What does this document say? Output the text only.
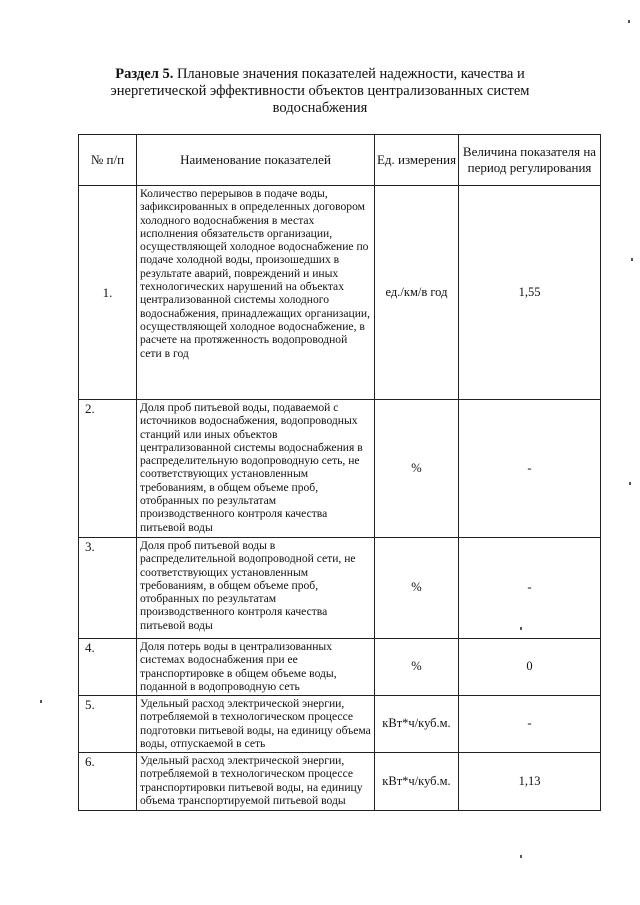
Раздел 5. Плановые значения показателей надежности, качества и энергетической эффективности объектов централизованных систем водоснабжения
№ п/п	Наименование показателей	Ед. измерения	Величина показателя на период регулирования
1.	Количество перерывов в подаче воды, зафиксированных в определенных договором холодного водоснабжения в местах исполнения обязательств организации, осуществляющей холодное водоснабжение по подаче холодной воды, произошедших в результате аварий, повреждений и иных технологических нарушений на объектах централизованной системы холодного водоснабжения, принадлежащих организации, осуществляющей холодное водоснабжение, в расчете на протяженность водопроводной сети в год	ед./км/в год	1,55
2.	Доля проб питьевой воды, подаваемой с источников водоснабжения, водопроводных станций или иных объектов централизованной системы водоснабжения в распределительную водопроводную сеть, не соответствующих установленным требованиям, в общем объеме проб, отобранных по результатам производственного контроля качества питьевой воды	%	-
3.	Доля проб питьевой воды в распределительной водопроводной сети, не соответствующих установленным требованиям, в общем объеме проб, отобранных по результатам производственного контроля качества питьевой воды	%	-
4.	Доля потерь воды в централизованных системах водоснабжения при ее транспортировке в общем объеме воды, поданной в водопроводную сеть	%	0
5.	Удельный расход электрической энергии, потребляемой в технологическом процессе подготовки питьевой воды, на единицу объема воды, отпускаемой в сеть	кВт*ч/куб.м.	-
6.	Удельный расход электрической энергии, потребляемой в технологическом процессе транспортировки питьевой воды, на единицу объема транспортируемой питьевой воды	кВт*ч/куб.м.	1,13
